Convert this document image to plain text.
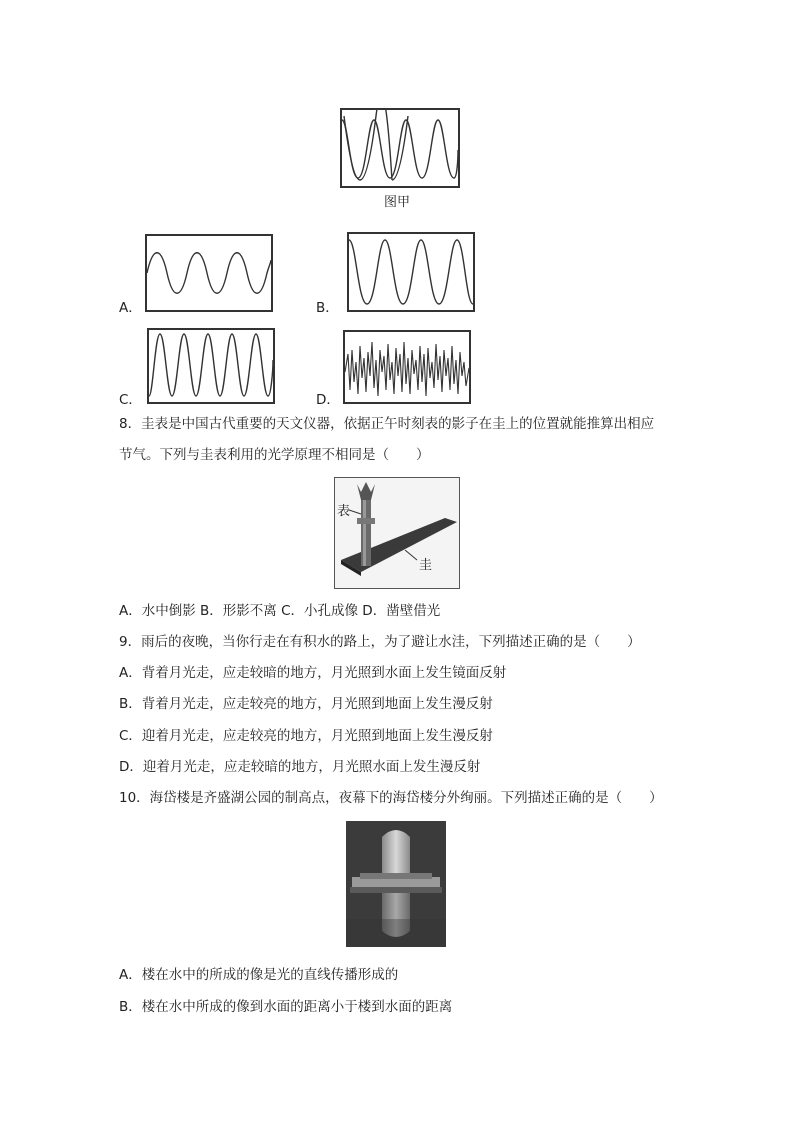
图甲
A．	B．
C．	D．
8．圭表是中国古代重要的天文仪器，依据正午时刻表的影子在圭上的位置就能推算出相应
节气。下列与圭表利用的光学原理不相同是（　　）
表
圭
A．水中倒影 B．形影不离 C．小孔成像 D．凿壁借光
9．雨后的夜晚，当你行走在有积水的路上，为了避让水洼，下列描述正确的是（　　）
A．背着月光走，应走较暗的地方，月光照到水面上发生镜面反射
B．背着月光走，应走较亮的地方，月光照到地面上发生漫反射
C．迎着月光走，应走较亮的地方，月光照到地面上发生漫反射
D．迎着月光走，应走较暗的地方，月光照水面上发生漫反射
10．海岱楼是齐盛湖公园的制高点，夜幕下的海岱楼分外绚丽。下列描述正确的是（　　）
A．楼在水中的所成的像是光的直线传播形成的
B．楼在水中所成的像到水面的距离小于楼到水面的距离
